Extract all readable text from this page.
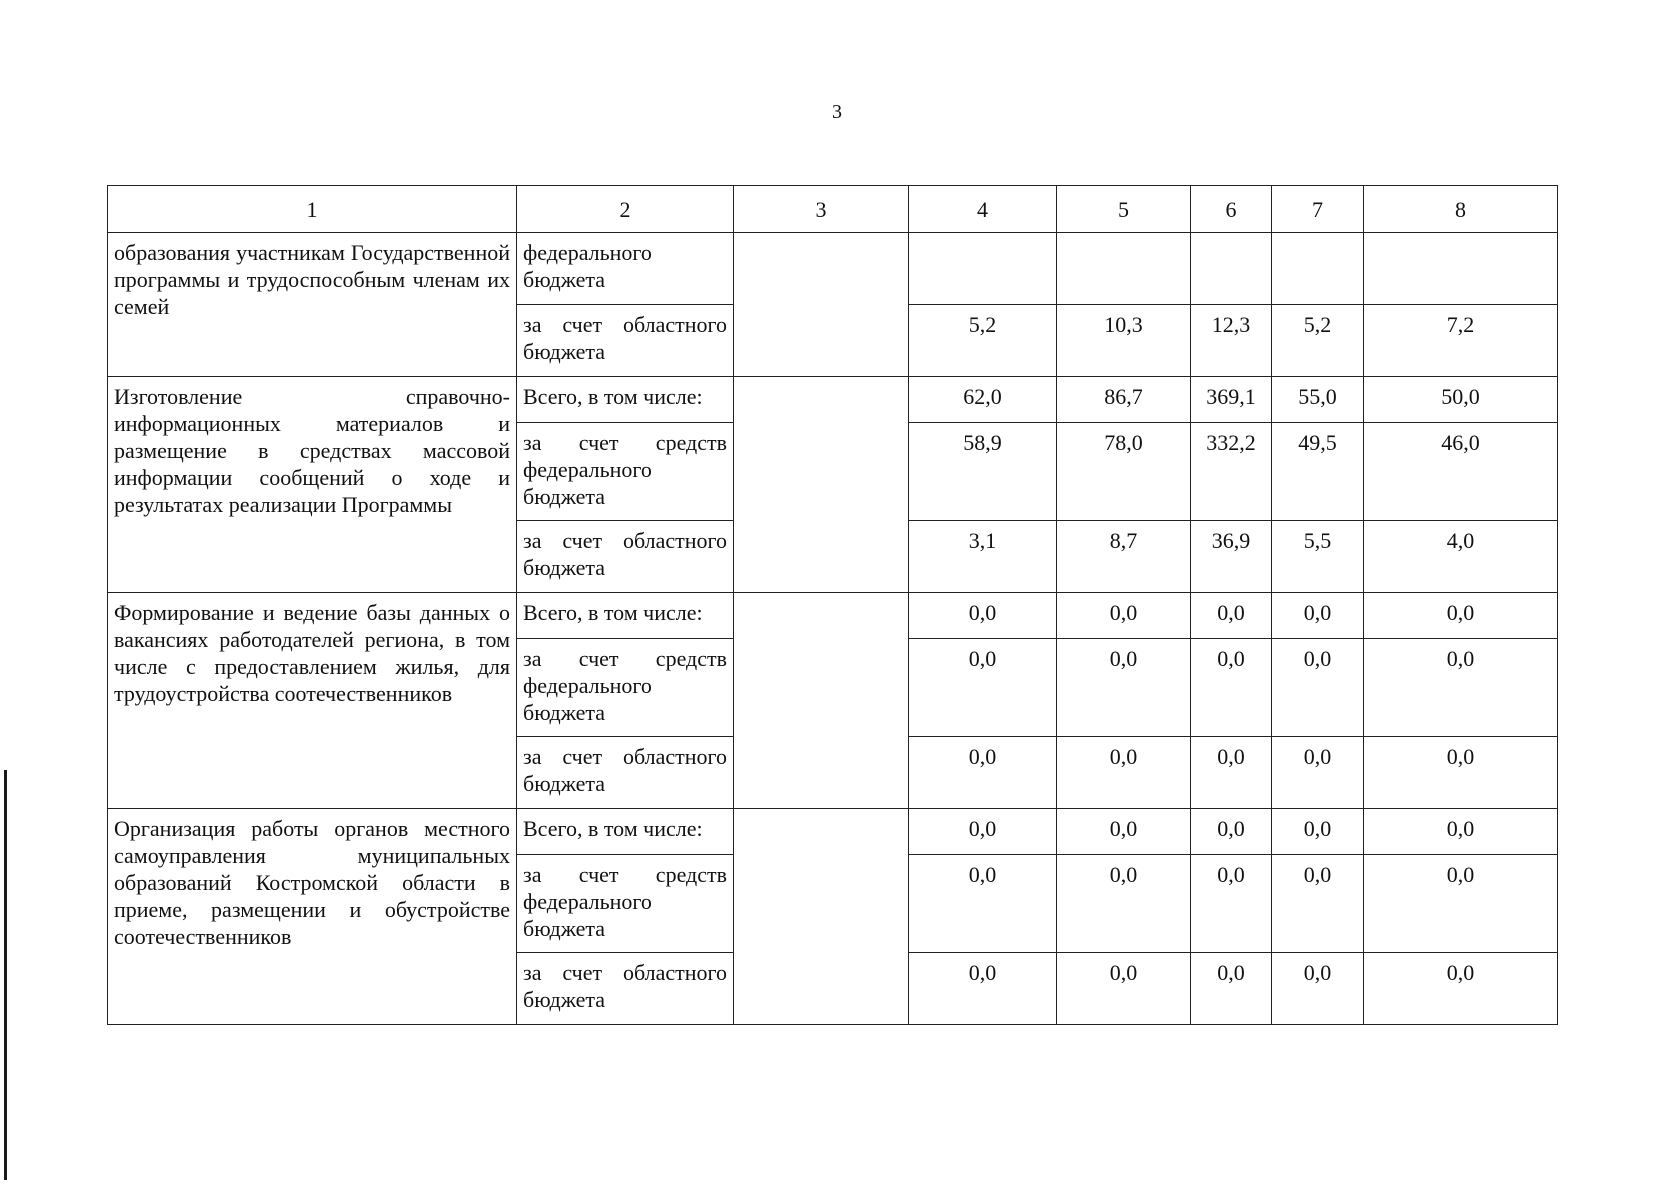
3
1	2	3	4	5	6	7	8
образования участникам Государственной программы и трудоспособным членам их семей	федерального бюджета						
	за счет областного бюджета		5,2	10,3	12,3	5,2	7,2
Изготовление справочно-информационных материалов и размещение в средствах массовой информации сообщений о ходе и результатах реализации Программы	Всего, в том числе:		62,0	86,7	369,1	55,0	50,0
	за счет средств федерального бюджета		58,9	78,0	332,2	49,5	46,0
	за счет областного бюджета		3,1	8,7	36,9	5,5	4,0
Формирование и ведение базы данных о вакансиях работодателей региона, в том числе с предоставлением жилья, для трудоустройства соотечественников	Всего, в том числе:		0,0	0,0	0,0	0,0	0,0
	за счет средств федерального бюджета		0,0	0,0	0,0	0,0	0,0
	за счет областного бюджета		0,0	0,0	0,0	0,0	0,0
Организация работы органов местного самоуправления муниципальных образований Костромской области в приеме, размещении и обустройстве соотечественников	Всего, в том числе:		0,0	0,0	0,0	0,0	0,0
	за счет средств федерального бюджета		0,0	0,0	0,0	0,0	0,0
	за счет областного бюджета		0,0	0,0	0,0	0,0	0,0
